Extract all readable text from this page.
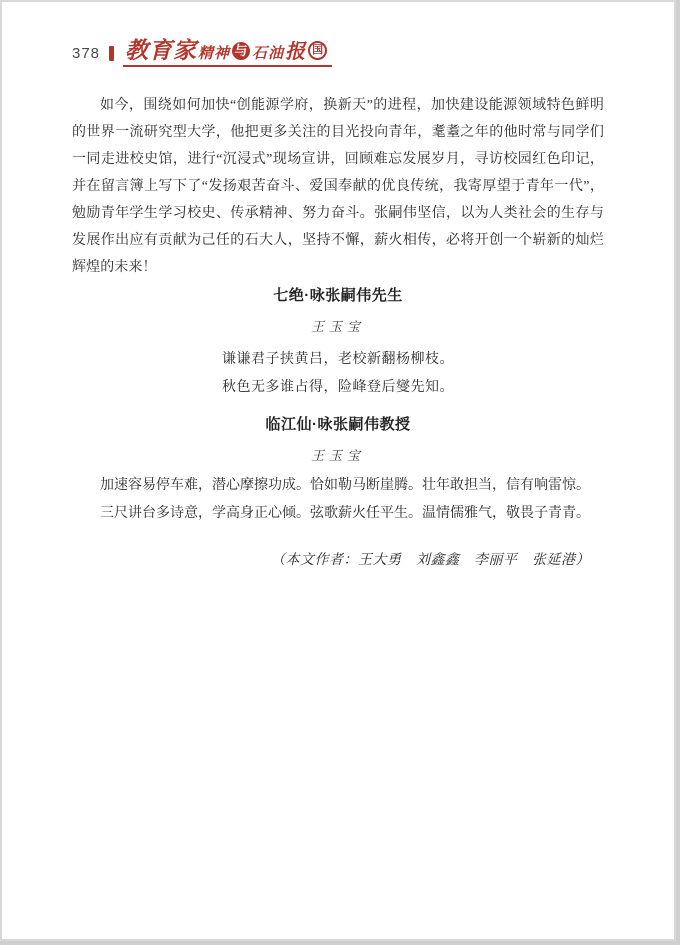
378 教育家 精神 与 石油 报 国

如今，围绕如何加快“创能源学府，换新天”的进程，加快建设能源领域特色鲜明的世界一流研究型大学，他把更多关注的目光投向青年，耄耋之年的他时常与同学们一同走进校史馆，进行“沉浸式”现场宣讲，回顾难忘发展岁月，寻访校园红色印记，并在留言簿上写下了“发扬艰苦奋斗、爱国奉献的优良传统，我寄厚望于青年一代”，勉励青年学生学习校史、传承精神、努力奋斗。张嗣伟坚信，以为人类社会的生存与发展作出应有贡献为己任的石大人，坚持不懈，薪火相传，必将开创一个崭新的灿烂辉煌的未来！

七绝·咏张嗣伟先生
王玉宝
谦谦君子挟黄吕，老校新翻杨柳枝。
秋色无多谁占得，险峰登后燮先知。
临江仙·咏张嗣伟教授
王玉宝

加速容易停车难，潜心摩擦功成。恰如勒马断崖腾。壮年敢担当，信有响雷惊。

三尺讲台多诗意，学高身正心倾。弦歌薪火任平生。温情儒雅气，敬畏子青青。

（本文作者：王大勇　刘鑫鑫　李丽平　张延港）
